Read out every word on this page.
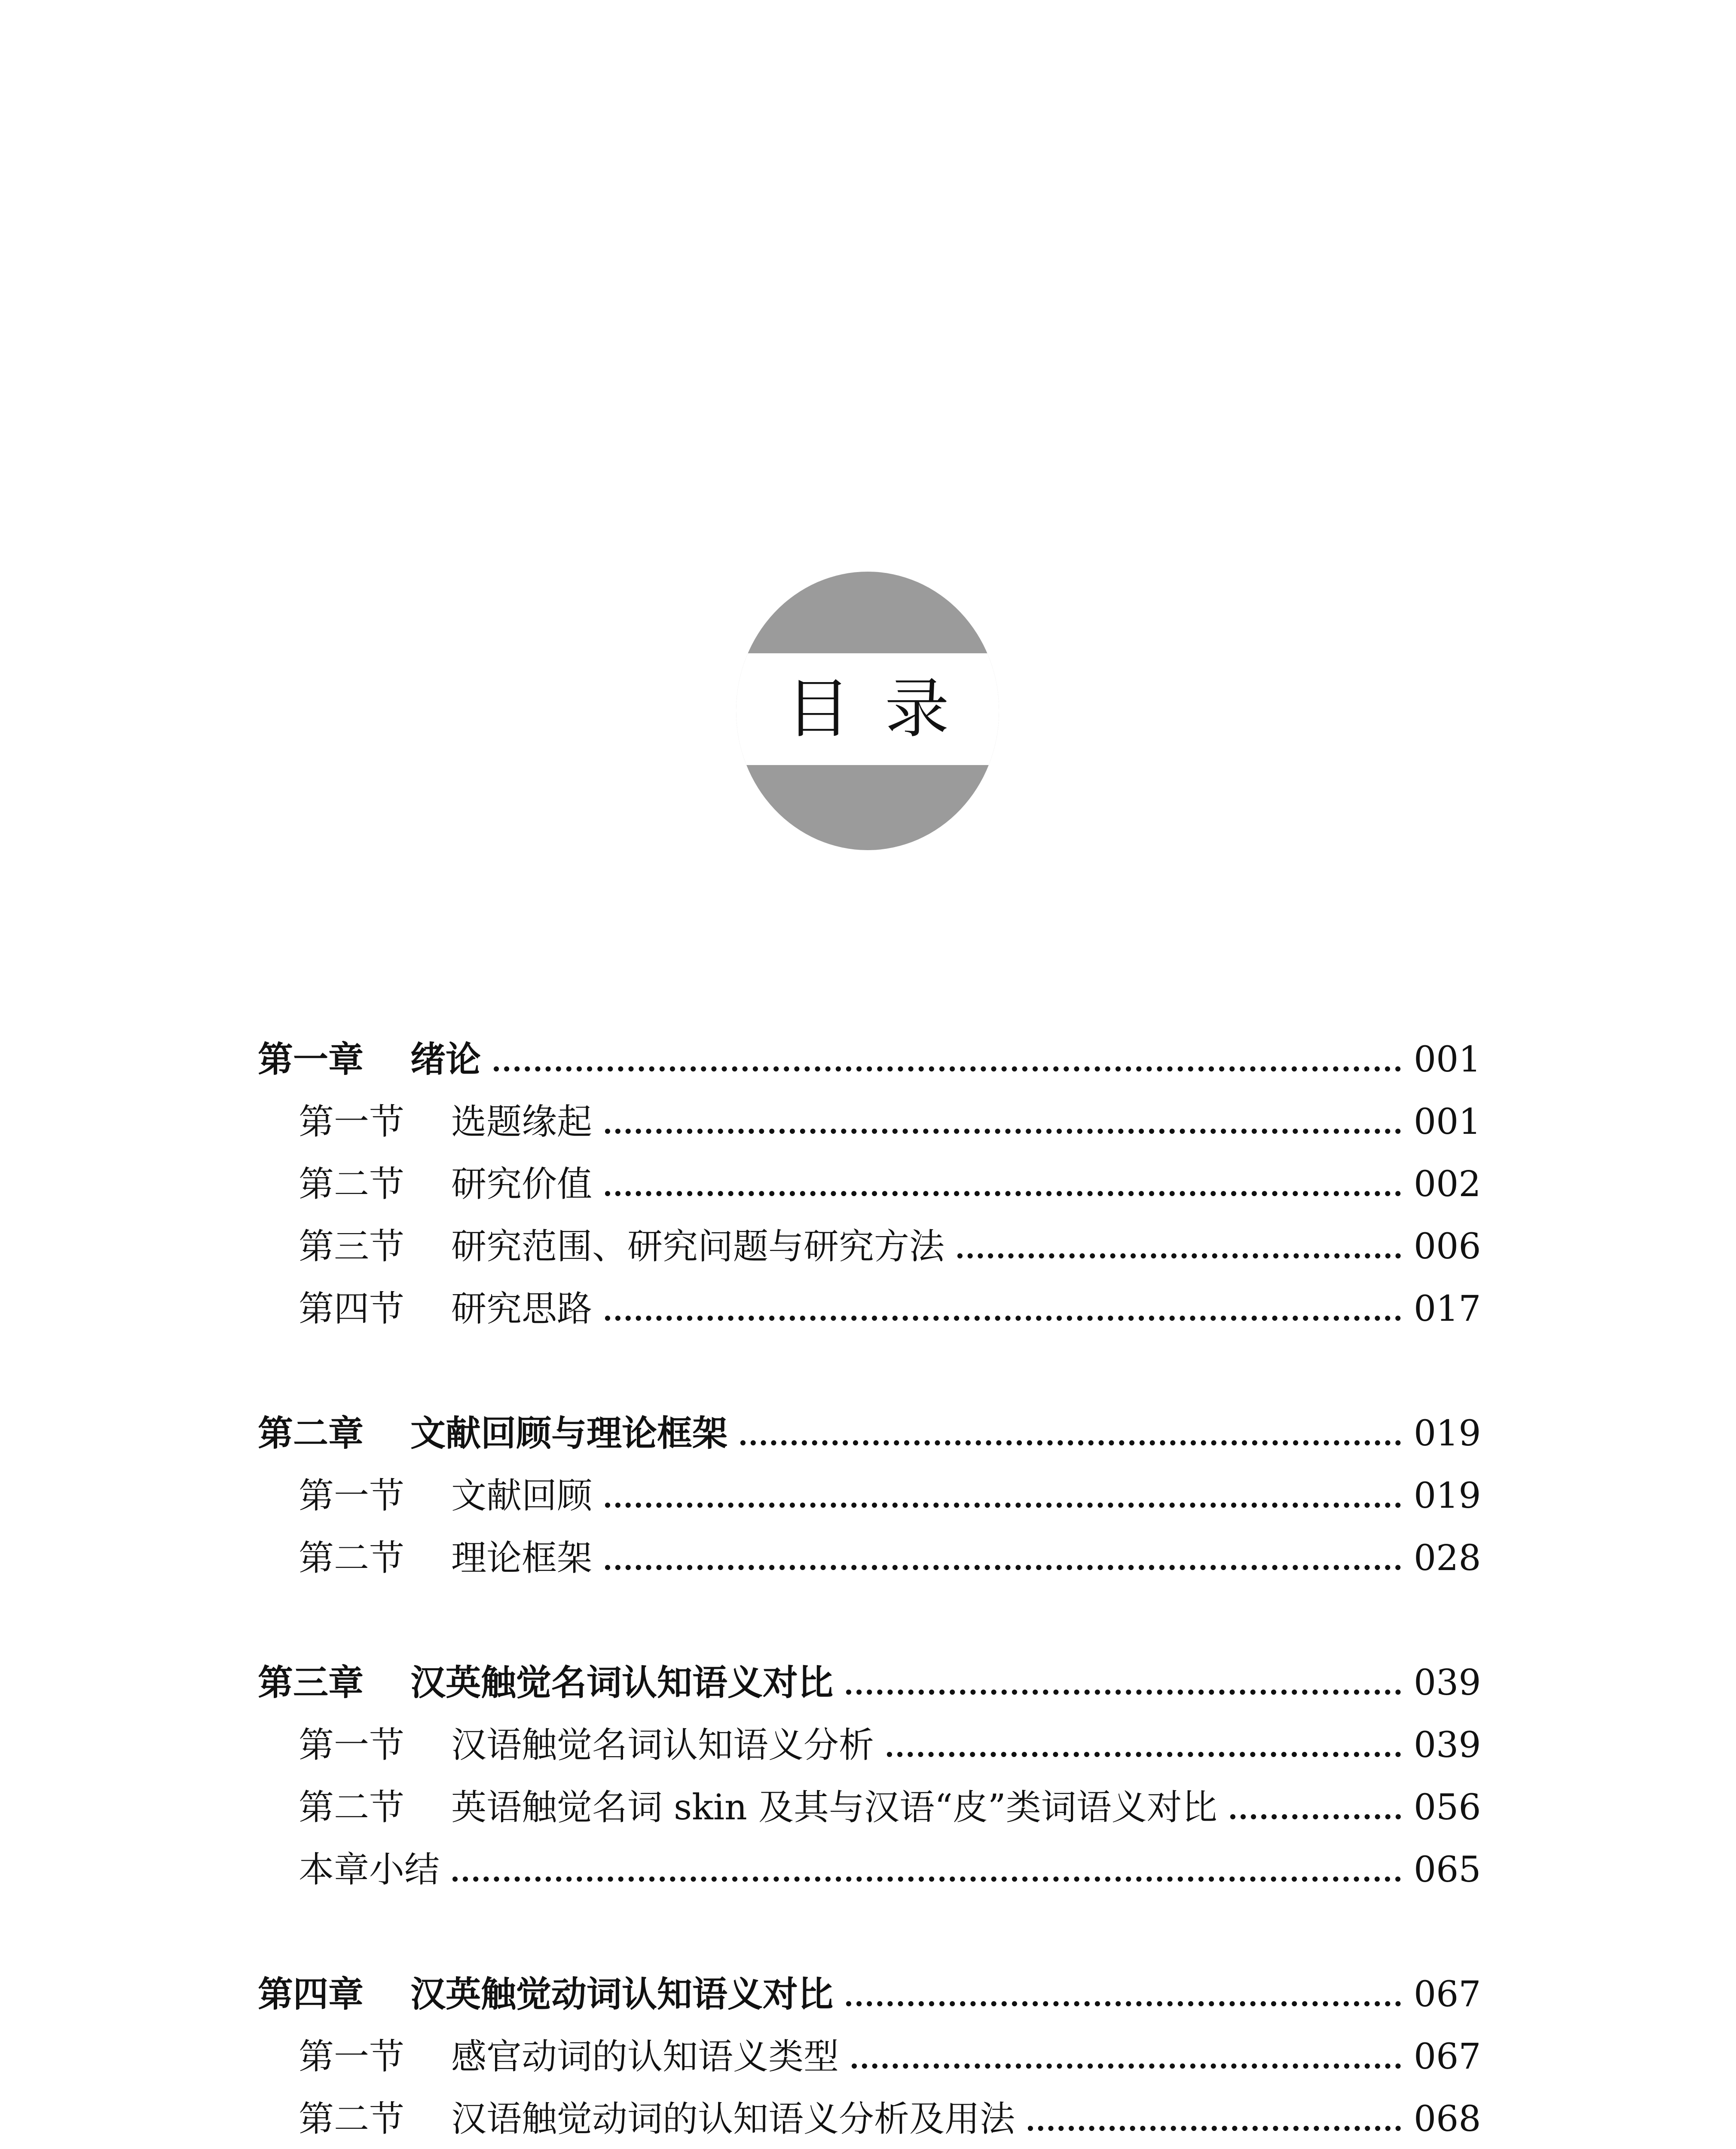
目录
第一章	绪论	001
第一节	选题缘起	001
第二节	研究价值	002
第三节	研究范围、研究问题与研究方法	006
第四节	研究思路	017
第二章	文献回顾与理论框架	019
第一节	文献回顾	019
第二节	理论框架	028
第三章	汉英触觉名词认知语义对比	039
第一节	汉语触觉名词认知语义分析	039
第二节	英语触觉名词 skin 及其与汉语“皮”类词语义对比	056
本章小结	065
第四章	汉英触觉动词认知语义对比	067
第一节	感官动词的认知语义类型	067
第二节	汉语触觉动词的认知语义分析及用法	068
